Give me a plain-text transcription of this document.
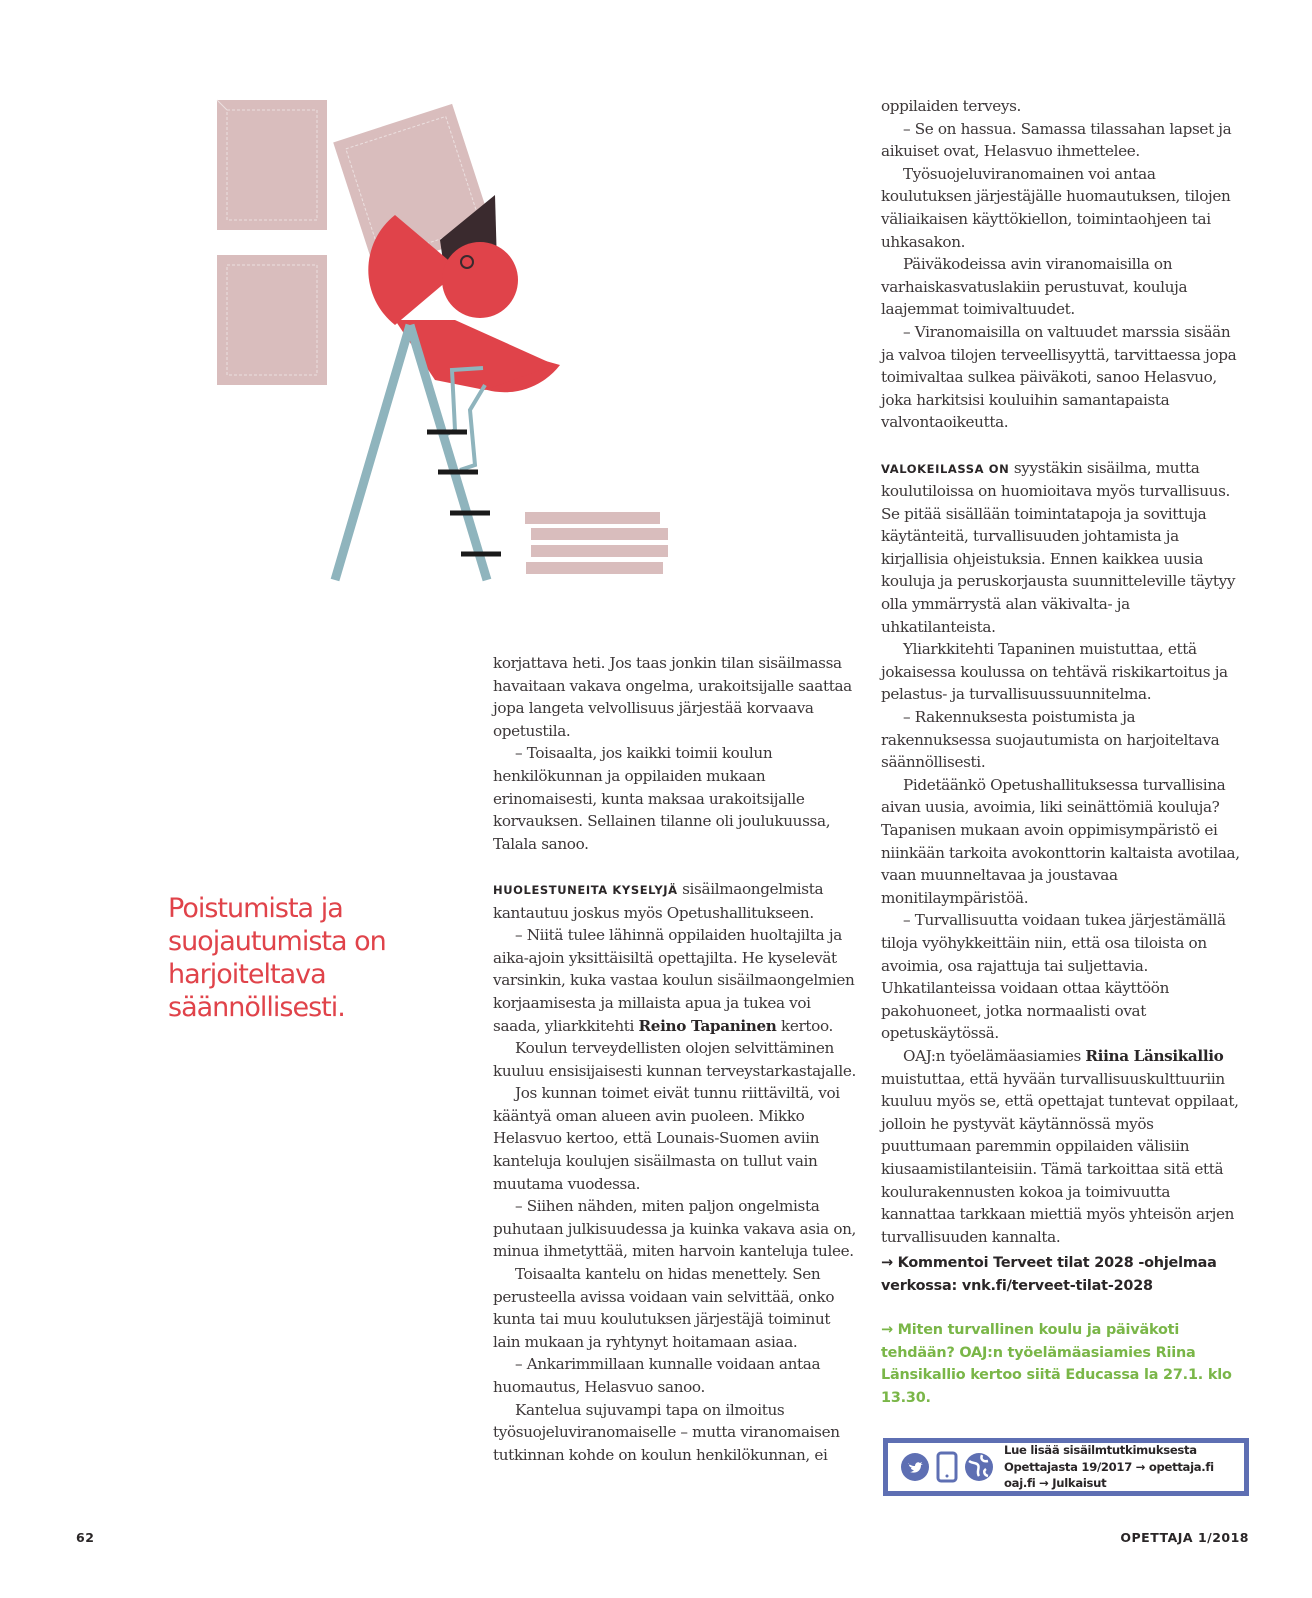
Poistumista ja suojautumista on harjoiteltava säännöllisesti.

korjattava heti. Jos taas jonkin tilan sisäilmassa havaitaan vakava ongelma, urakoitsijalle saattaa jopa langeta velvollisuus järjestää korvaava opetustila.

– Toisaalta, jos kaikki toimii koulun henkilökunnan ja oppilaiden mukaan erinomaisesti, kunta maksaa urakoitsijalle korvauksen. Sellainen tilanne oli joulukuussa, Talala sanoo.

HUOLESTUNEITA KYSELYJÄ sisäilmaongelmista kantautuu joskus myös Opetushallitukseen.

– Niitä tulee lähinnä oppilaiden huoltajilta ja aika-ajoin yksittäisiltä opettajilta. He kyselevät varsinkin, kuka vastaa koulun sisäilmaongelmien korjaamisesta ja millaista apua ja tukea voi saada, yliarkkitehti Reino Tapaninen kertoo.

Koulun terveydellisten olojen selvittäminen kuuluu ensisijaisesti kunnan terveystarkastajalle.

Jos kunnan toimet eivät tunnu riittäviltä, voi kääntyä oman alueen avin puoleen. Mikko Helasvuo kertoo, että Lounais-Suomen aviin kanteluja koulujen sisäilmasta on tullut vain muutama vuodessa.

– Siihen nähden, miten paljon ongelmista puhutaan julkisuudessa ja kuinka vakava asia on, minua ihmetyttää, miten harvoin kanteluja tulee.

Toisaalta kantelu on hidas menettely. Sen perusteella avissa voidaan vain selvittää, onko kunta tai muu koulutuksen järjestäjä toiminut lain mukaan ja ryhtynyt hoitamaan asiaa.

– Ankarimmillaan kunnalle voidaan antaa huomautus, Helasvuo sanoo.

Kantelua sujuvampi tapa on ilmoitus työsuojeluviranomaiselle – mutta viranomaisen tutkinnan kohde on koulun henkilökunnan, ei

oppilaiden terveys.

– Se on hassua. Samassa tilassahan lapset ja aikuiset ovat, Helasvuo ihmettelee.

Työsuojeluviranomainen voi antaa koulutuksen järjestäjälle huomautuksen, tilojen väliaikaisen käyttökiellon, toimintaohjeen tai uhkasakon.

Päiväkodeissa avin viranomaisilla on varhaiskasvatuslakiin perustuvat, kouluja laajemmat toimivaltuudet.

– Viranomaisilla on valtuudet marssia sisään ja valvoa tilojen terveellisyyttä, tarvittaessa jopa toimivaltaa sulkea päiväkoti, sanoo Helasvuo, joka harkitsisi kouluihin samantapaista valvontaoikeutta.

VALOKEILASSA ON syystäkin sisäilma, mutta koulutiloissa on huomioitava myös turvallisuus. Se pitää sisällään toimintatapoja ja sovittuja käytänteitä, turvallisuuden johtamista ja kirjallisia ohjeistuksia. Ennen kaikkea uusia kouluja ja peruskorjausta suunnitteleville täytyy olla ymmärrystä alan väkivalta- ja uhkatilanteista.

Yliarkkitehti Tapaninen muistuttaa, että jokaisessa koulussa on tehtävä riskikartoitus ja pelastus- ja turvallisuussuunnitelma.

– Rakennuksesta poistumista ja rakennuksessa suojautumista on harjoiteltava säännöllisesti.

Pidetäänkö Opetushallituksessa turvallisina aivan uusia, avoimia, liki seinättömiä kouluja? Tapanisen mukaan avoin oppimisympäristö ei niinkään tarkoita avokonttorin kaltaista avotilaa, vaan muunneltavaa ja joustavaa monitilaympäristöä.

– Turvallisuutta voidaan tukea järjestämällä tiloja vyöhykkeittäin niin, että osa tiloista on avoimia, osa rajattuja tai suljettavia. Uhkatilanteissa voidaan ottaa käyttöön pakohuoneet, jotka normaalisti ovat opetuskäytössä.

OAJ:n työelämäasiamies Riina Länsikallio muistuttaa, että hyvään turvallisuuskulttuuriin kuuluu myös se, että opettajat tuntevat oppilaat, jolloin he pystyvät käytännössä myös puuttumaan paremmin oppilaiden välisiin kiusaamistilanteisiin. Tämä tarkoittaa sitä että koulurakennusten kokoa ja toimivuutta kannattaa tarkkaan miettiä myös yhteisön arjen turvallisuuden kannalta.

→ Kommentoi Terveet tilat 2028 -ohjelmaa verkossa: vnk.fi/terveet-tilat-2028
→ Miten turvallinen koulu ja päiväkoti tehdään? OAJ:n työelämäasiamies Riina Länsikallio kertoo siitä Educassa la 27.1. klo 13.30.
Lue lisää sisäilmtutkimuksesta
Opettajasta 19/2017 → opettaja.fi
oaj.fi → Julkaisut
62	OPETTAJA 1/2018
